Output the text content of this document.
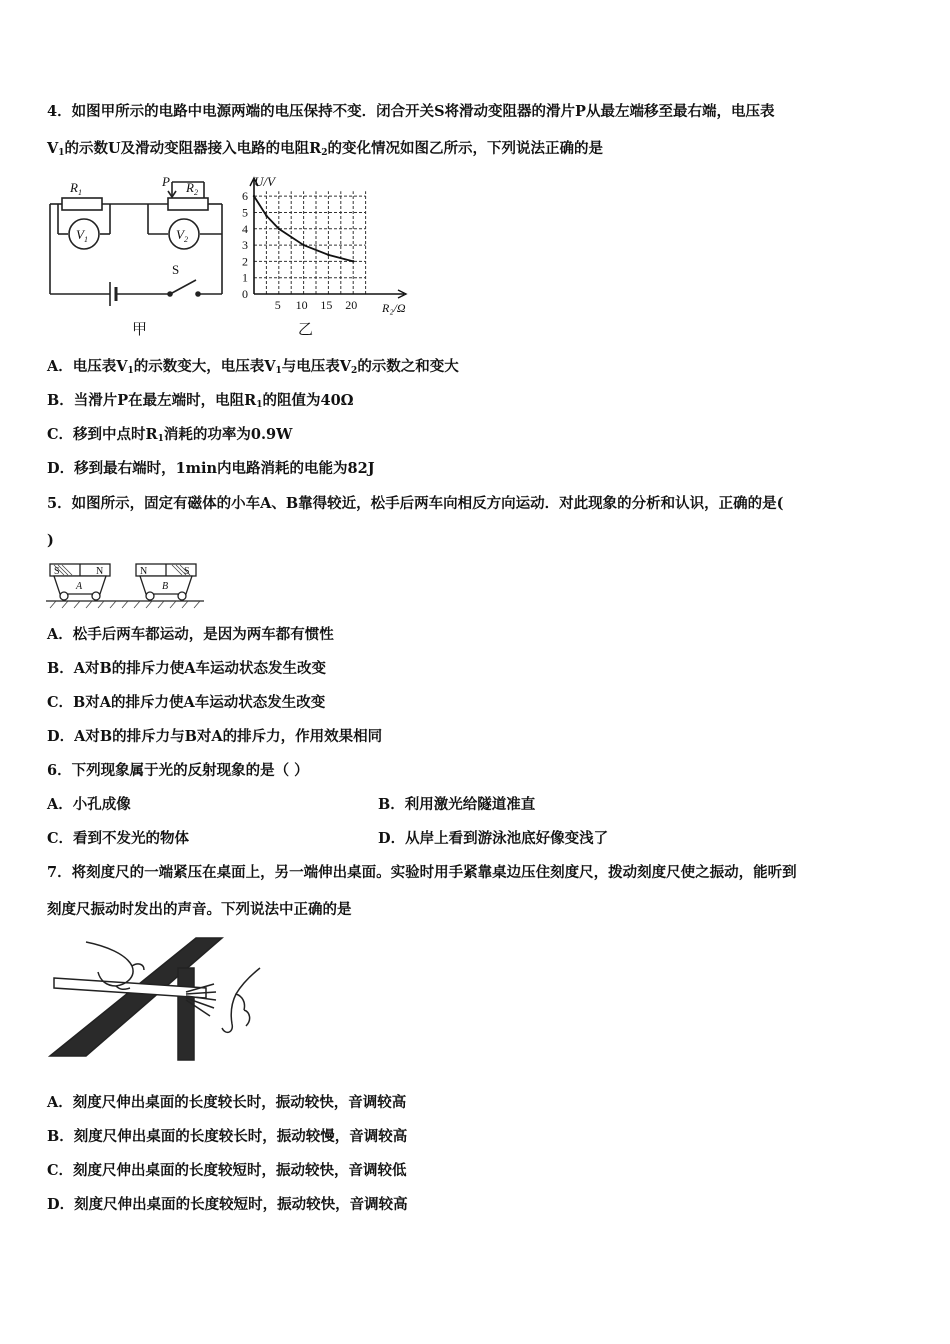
4．如图甲所示的电路中电源两端的电压保持不变．闭合开关S将滑动变阻器的滑片P从最左端移至最右端，电压表
$V_1$的示数U及滑动变阻器接入电路的电阻$R_2$的变化情况如图乙所示，下列说法正确的是
$R_1$	$R_2$
P
$V_1$	$V_2$
S
甲
U/V
R₂/Ω
乙
0
1
2
3
4
5
6
5 10 15 20
A．电压表$V_1$的示数变大，电压表$V_1$与电压表$V_2$的示数之和变大
B．当滑片P在最左端时，电阻$R_1$的阻值为40Ω
C．移到中点时$R_1$消耗的功率为0.9W
D．移到最右端时，1min内电路消耗的电能为82J
5．如图所示，固定有磁体的小车A、B靠得较近，松手后两车向相反方向运动．对此现象的分析和认识，正确的是(
)
S	N	N	S
A	B
A．松手后两车都运动，是因为两车都有惯性
B．A对B的排斥力使A车运动状态发生改变
C．B对A的排斥力使A车运动状态发生改变
D．A对B的排斥力与B对A的排斥力，作用效果相同
6．下列现象属于光的反射现象的是（ ）
A．小孔成像	B．利用激光给隧道准直
C．看到不发光的物体	D．从岸上看到游泳池底好像变浅了
7．将刻度尺的一端紧压在桌面上，另一端伸出桌面。实验时用手紧靠桌边压住刻度尺，拨动刻度尺使之振动，能听到
刻度尺振动时发出的声音。下列说法中正确的是
A．刻度尺伸出桌面的长度较长时，振动较快，音调较高
B．刻度尺伸出桌面的长度较长时，振动较慢，音调较高
C．刻度尺伸出桌面的长度较短时，振动较快，音调较低
D．刻度尺伸出桌面的长度较短时，振动较快，音调较高
